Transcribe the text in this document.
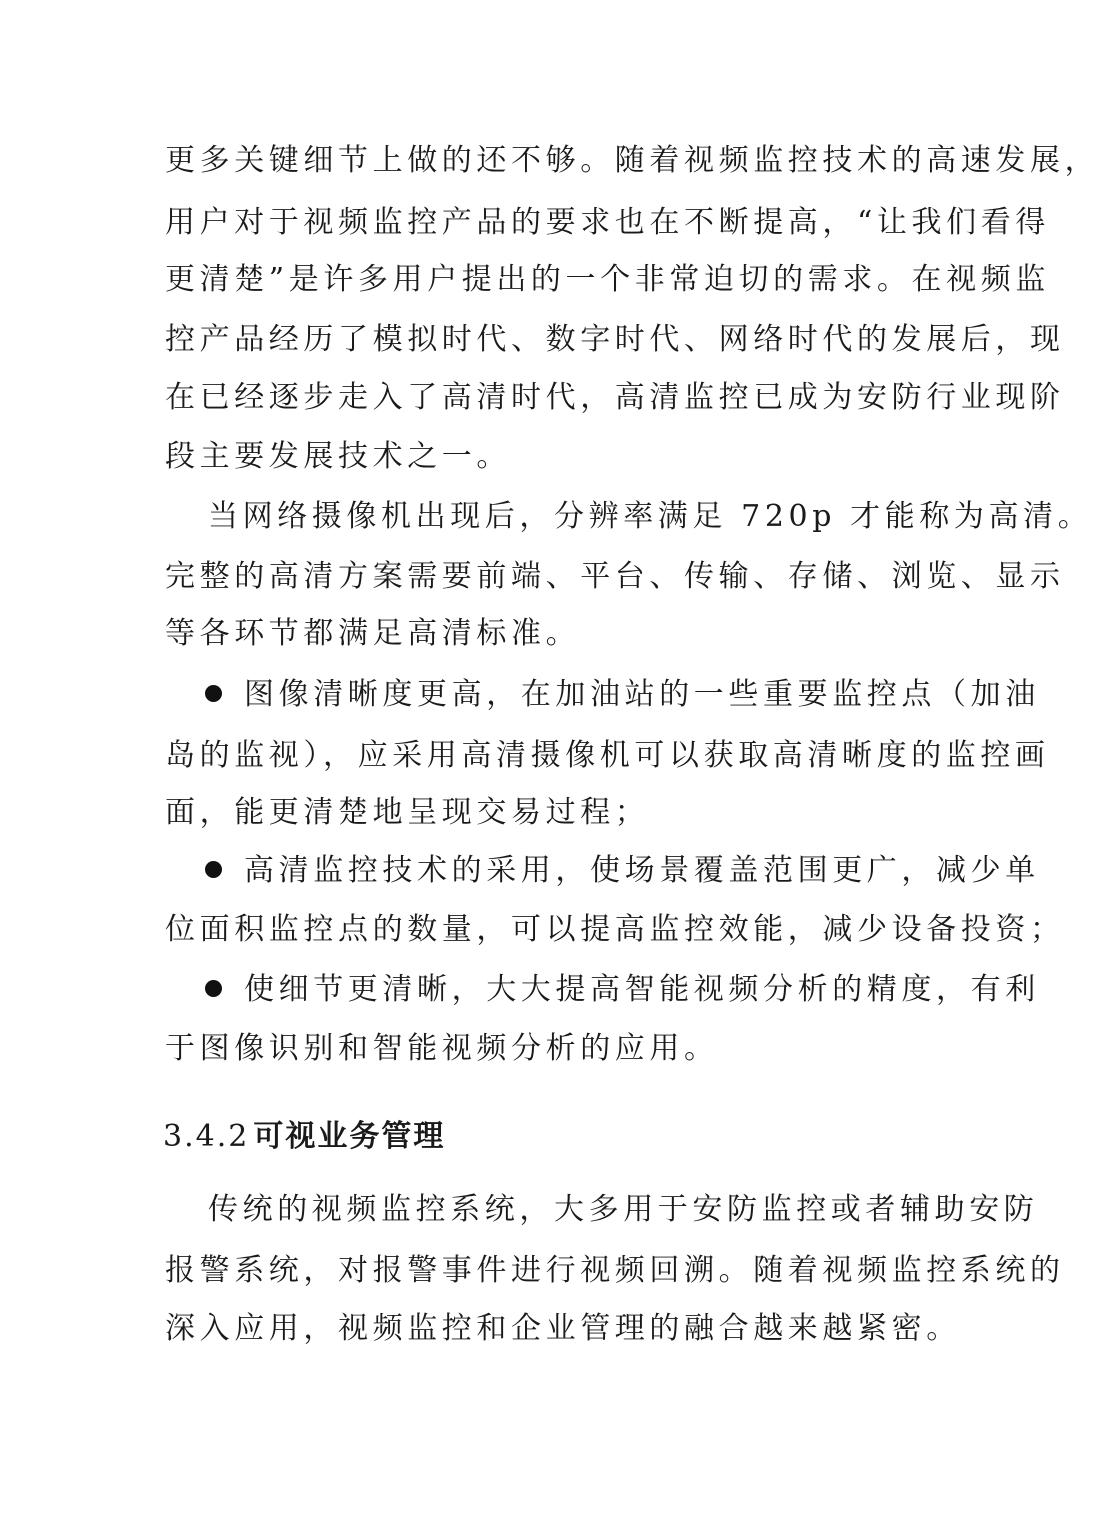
更多关键细节上做的还不够。随着视频监控技术的高速发展，
用户对于视频监控产品的要求也在不断提高，“让我们看得
更清楚”是许多用户提出的一个非常迫切的需求。在视频监
控产品经历了模拟时代、数字时代、网络时代的发展后，现
在已经逐步走入了高清时代，高清监控已成为安防行业现阶
段主要发展技术之一。
当网络摄像机出现后，分辨率满足 720p 才能称为高清。
完整的高清方案需要前端、平台、传输、存储、浏览、显示
等各环节都满足高清标准。
图像清晰度更高，在加油站的一些重要监控点（加油
岛的监视），应采用高清摄像机可以获取高清晰度的监控画
面，能更清楚地呈现交易过程；
高清监控技术的采用，使场景覆盖范围更广，减少单
位面积监控点的数量，可以提高监控效能，减少设备投资；
使细节更清晰，大大提高智能视频分析的精度，有利
于图像识别和智能视频分析的应用。
3.4.2 可视业务管理
传统的视频监控系统，大多用于安防监控或者辅助安防
报警系统，对报警事件进行视频回溯。随着视频监控系统的
深入应用，视频监控和企业管理的融合越来越紧密。
